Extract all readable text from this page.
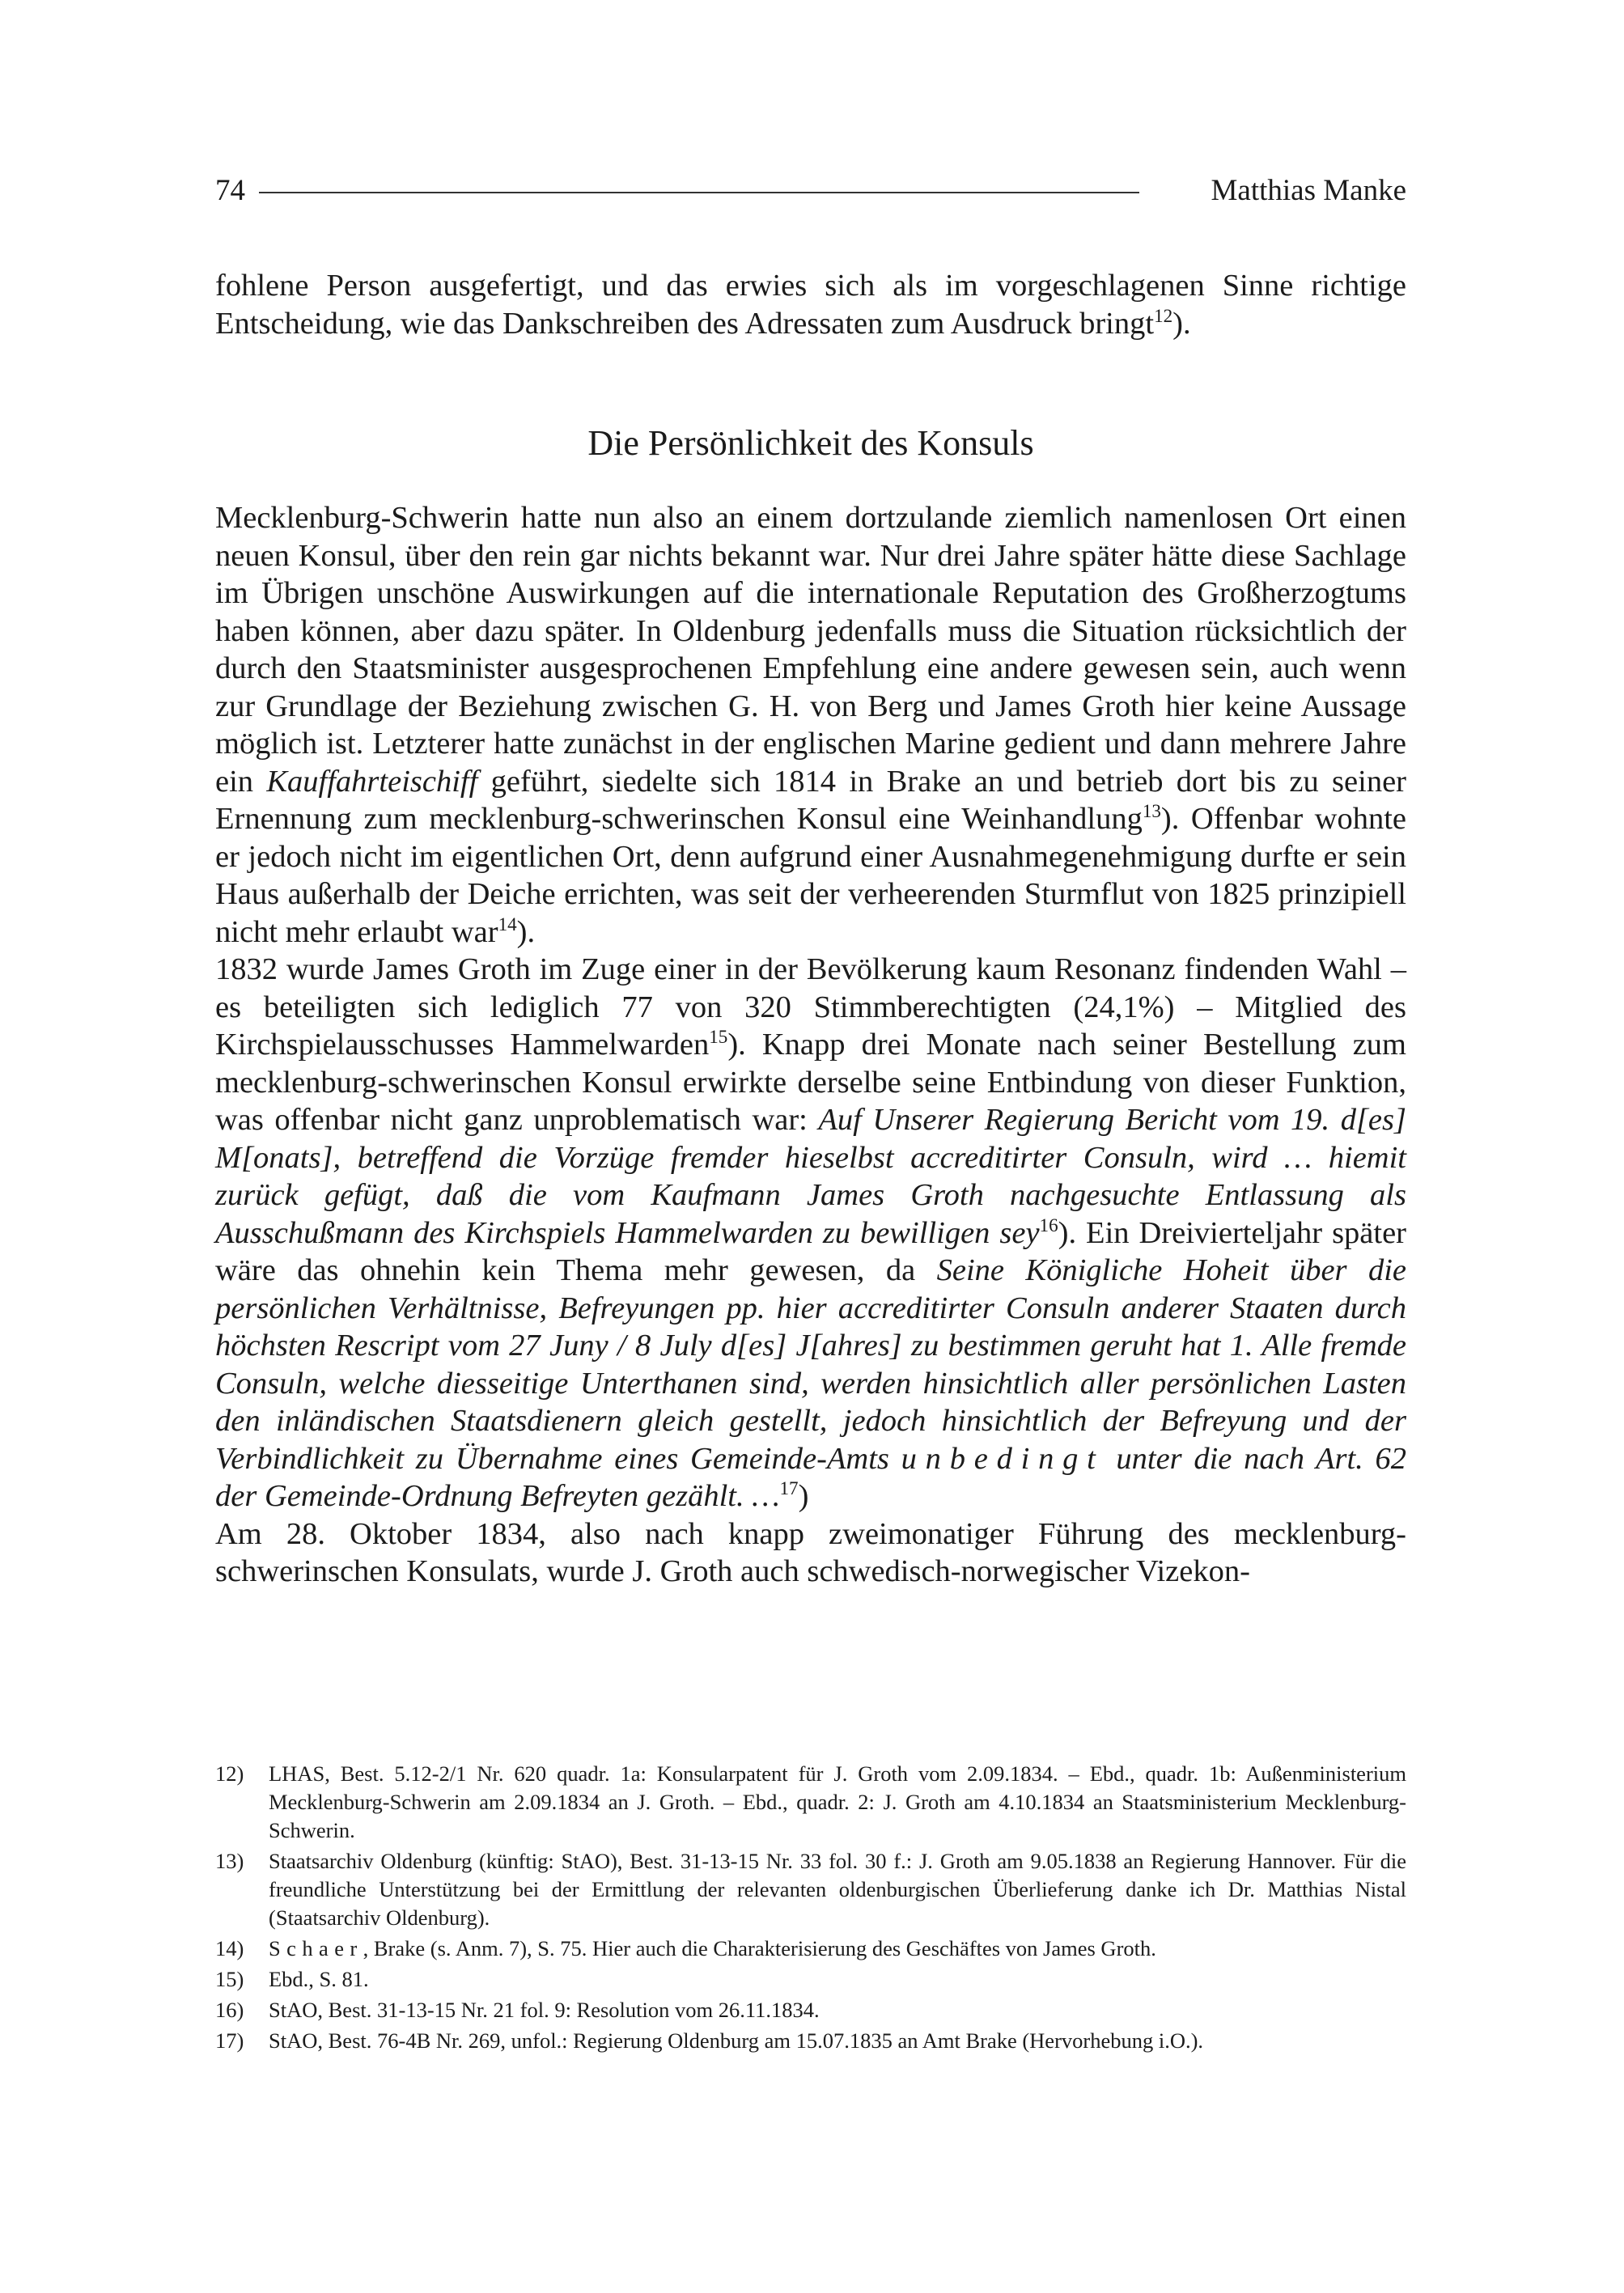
74	Matthias Manke

fohlene Person ausgefertigt, und das erwies sich als im vorgeschlagenen Sinne richtige Entscheidung, wie das Dankschreiben des Adressaten zum Ausdruck bringt$^{12}$).

Die Persönlichkeit des Konsuls

Mecklenburg-Schwerin hatte nun also an einem dortzulande ziemlich namenlosen Ort einen neuen Konsul, über den rein gar nichts bekannt war. Nur drei Jahre später hätte diese Sachlage im Übrigen unschöne Auswirkungen auf die internationale Reputation des Großherzogtums haben können, aber dazu später. In Oldenburg jedenfalls muss die Situation rücksichtlich der durch den Staatsminister ausgesprochenen Empfehlung eine andere gewesen sein, auch wenn zur Grundlage der Beziehung zwischen G. H. von Berg und James Groth hier keine Aussage möglich ist. Letzterer hatte zunächst in der englischen Marine gedient und dann mehrere Jahre ein Kauffahrteischiff geführt, siedelte sich 1814 in Brake an und betrieb dort bis zu seiner Ernennung zum mecklenburg-schwerinschen Konsul eine Weinhandlung$^{13}$). Offenbar wohnte er jedoch nicht im eigentlichen Ort, denn aufgrund einer Ausnahmegenehmigung durfte er sein Haus außerhalb der Deiche errichten, was seit der verheerenden Sturmflut von 1825 prinzipiell nicht mehr erlaubt war$^{14}$).

1832 wurde James Groth im Zuge einer in der Bevölkerung kaum Resonanz findenden Wahl – es beteiligten sich lediglich 77 von 320 Stimmberechtigten (24,1%) – Mitglied des Kirchspielausschusses Hammelwarden$^{15}$). Knapp drei Monate nach seiner Bestellung zum mecklenburg-schwerinschen Konsul erwirkte derselbe seine Entbindung von dieser Funktion, was offenbar nicht ganz unproblematisch war: Auf Unserer Regierung Bericht vom 19. d[es] M[onats], betreffend die Vorzüge fremder hieselbst accreditirter Consuln, wird … hiemit zurück gefügt, daß die vom Kaufmann James Groth nachgesuchte Entlassung als Ausschußmann des Kirchspiels Hammelwarden zu bewilligen sey$^{16}$). Ein Dreivierteljahr später wäre das ohnehin kein Thema mehr gewesen, da Seine Königliche Hoheit über die persönlichen Verhältnisse, Befreyungen pp. hier accreditirter Consuln anderer Staaten durch höchsten Rescript vom 27 Juny / 8 July d[es] J[ahres] zu bestimmen geruht hat 1. Alle fremde Consuln, welche diesseitige Unterthanen sind, werden hinsichtlich aller persönlichen Lasten den inländischen Staatsdienern gleich gestellt, jedoch hinsichtlich der Befreyung und der Verbindlichkeit zu Übernahme eines Gemeinde-Amts unbedingt unter die nach Art. 62 der Gemeinde-Ordnung Befreyten gezählt. …$^{17}$)

Am 28. Oktober 1834, also nach knapp zweimonatiger Führung des mecklenburg-schwerinschen Konsulats, wurde J. Groth auch schwedisch-norwegischer Vizekon-

12) LHAS, Best. 5.12-2/1 Nr. 620 quadr. 1a: Konsularpatent für J. Groth vom 2.09.1834. – Ebd., quadr. 1b: Außenministerium Mecklenburg-Schwerin am 2.09.1834 an J. Groth. – Ebd., quadr. 2: J. Groth am 4.10.1834 an Staatsministerium Mecklenburg-Schwerin.
13) Staatsarchiv Oldenburg (künftig: StAO), Best. 31-13-15 Nr. 33 fol. 30 f.: J. Groth am 9.05.1838 an Regierung Hannover. Für die freundliche Unterstützung bei der Ermittlung der relevanten oldenburgischen Überlieferung danke ich Dr. Matthias Nistal (Staatsarchiv Oldenburg).
14) Schaer, Brake (s. Anm. 7), S. 75. Hier auch die Charakterisierung des Geschäftes von James Groth.
15) Ebd., S. 81.
16) StAO, Best. 31-13-15 Nr. 21 fol. 9: Resolution vom 26.11.1834.
17) StAO, Best. 76-4B Nr. 269, unfol.: Regierung Oldenburg am 15.07.1835 an Amt Brake (Hervorhebung i.O.).
